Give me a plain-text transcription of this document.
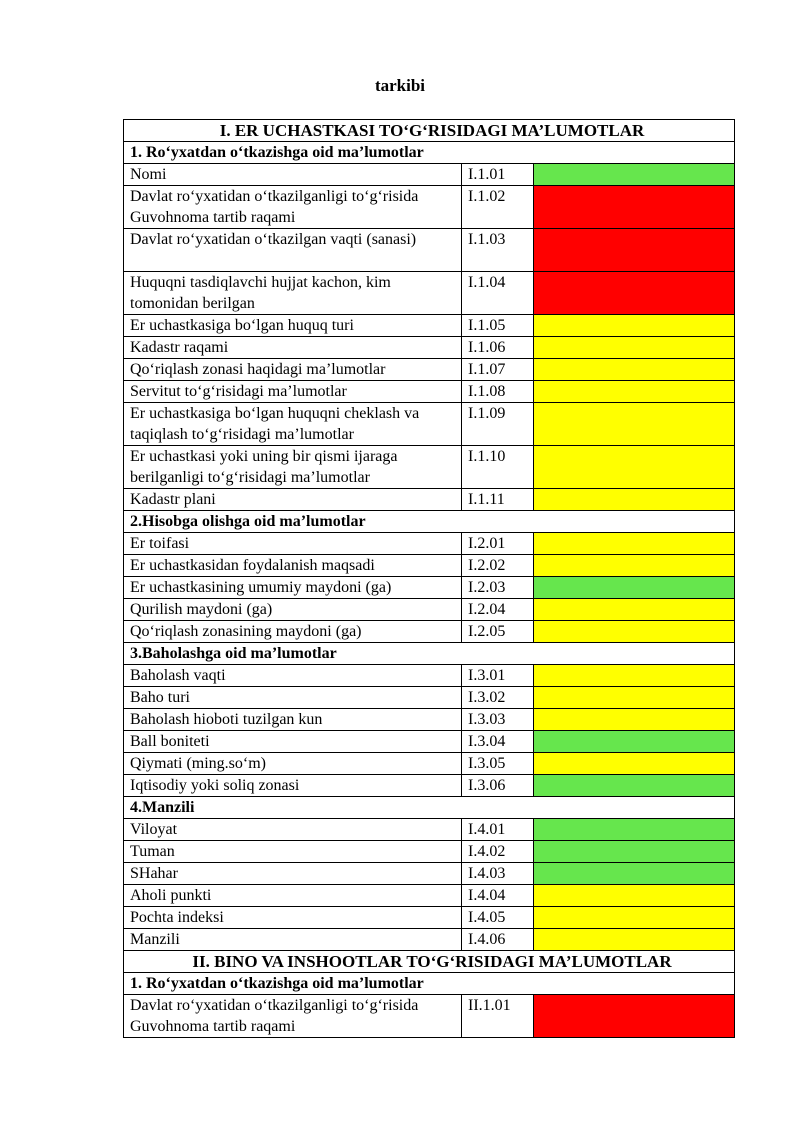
tarkibi
I. ER UCHASTKASI TO‘G‘RISIDAGI MA’LUMOTLAR		
1. Ro‘yxatdan o‘tkazishga oid ma’lumotlar		
Nomi	I.1.01	
Davlat ro‘yxatidan o‘tkazilganligi to‘g‘risida Guvohnoma tartib raqami	I.1.02	
Davlat ro‘yxatidan o‘tkazilgan vaqti (sanasi)	I.1.03	
Huquqni tasdiqlavchi hujjat kachon, kim tomonidan berilgan	I.1.04	
Er uchastkasiga bo‘lgan huquq turi	I.1.05	
Kadastr raqami	I.1.06	
Qo‘riqlash zonasi haqidagi ma’lumotlar	I.1.07	
Servitut to‘g‘risidagi ma’lumotlar	I.1.08	
Er uchastkasiga bo‘lgan huquqni cheklash va taqiqlash to‘g‘risidagi ma’lumotlar	I.1.09	
Er uchastkasi yoki uning bir qismi ijaraga berilganligi to‘g‘risidagi ma’lumotlar	I.1.10	
Kadastr plani	I.1.11	
2.Hisobga olishga oid ma’lumotlar		
Er toifasi	I.2.01	
Er uchastkasidan foydalanish maqsadi	I.2.02	
Er uchastkasining umumiy maydoni (ga)	I.2.03	
Qurilish maydoni (ga)	I.2.04	
Qo‘riqlash zonasining maydoni (ga)	I.2.05	
3.Baholashga oid ma’lumotlar		
Baholash vaqti	I.3.01	
Baho turi	I.3.02	
Baholash hioboti tuzilgan kun	I.3.03	
Ball boniteti	I.3.04	
Qiymati (ming.so‘m)	I.3.05	
Iqtisodiy yoki soliq zonasi	I.3.06	
4.Manzili		
Viloyat	I.4.01	
Tuman	I.4.02	
SHahar	I.4.03	
Aholi punkti	I.4.04	
Pochta indeksi	I.4.05	
Manzili	I.4.06	
II. BINO VA INSHOOTLAR TO‘G‘RISIDAGI MA’LUMOTLAR		
1. Ro‘yxatdan o‘tkazishga oid ma’lumotlar		
Davlat ro‘yxatidan o‘tkazilganligi to‘g‘risida Guvohnoma tartib raqami	II.1.01	
